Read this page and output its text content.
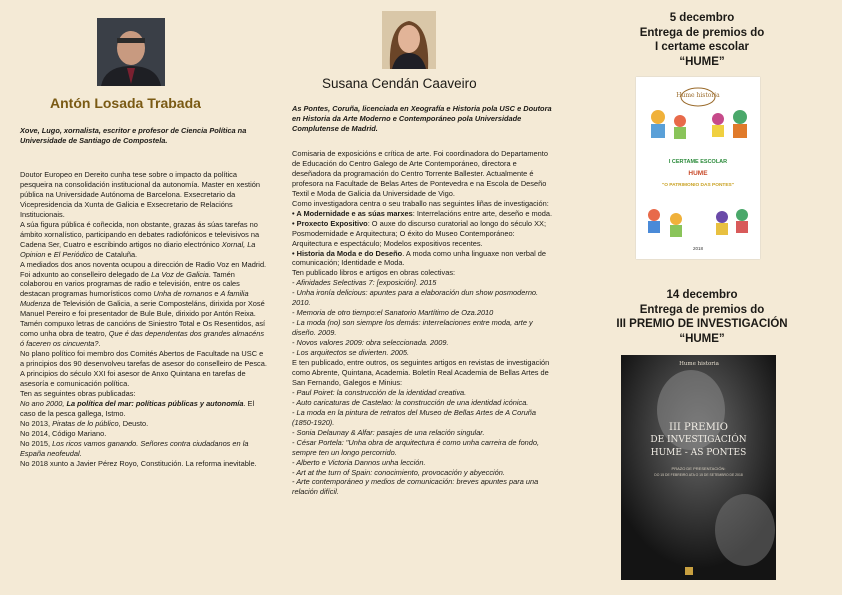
Antón Losada Trabada
Xove, Lugo, xornalista, escritor e profesor de Ciencia Política na Universidade de Santiago de Compostela.

Doutor Europeo en Dereito cunha tese sobre o impacto da política pesqueira na consolidación institucional da autonomía. Master en xestión pública na Universidade Autónoma de Barcelona. Exsecretario da Vicepresidencia da Xunta de Galicia e Exsecretario de Relacións Institucionais.

A súa figura pública é coñecida, non obstante, grazas ás súas tarefas no ámbito xornalístico, participando en debates radiofónicos e televisivos na Cadena Ser, Cuatro e escribindo artigos no diario electrónico Xornal, La Opinion e El Periódico de Cataluña.

A mediados dos anos noventa ocupou a dirección de Radio Voz en Madrid. Foi adxunto ao conselleiro delegado de La Voz de Galicia. Tamén colaborou en varios programas de radio e televisión, entre os cales destacan programas humorísticos como Unha de romanos e A familia Mudenza de Televisión de Galicia, a serie Composteláns, dirixida por Xosé Manuel Pereiro e foi presentador de Bule Bule, dirixido por Antón Reixa.

Tamén compuxo letras de cancións de Siniestro Total e Os Resentidos, así como unha obra de teatro, Que é das dependentas dos grandes almacéns ó faceren os cincuenta?.

No plano político foi membro dos Comités Abertos de Facultade na USC e a principios dos 90 desenvolveu tarefas de asesor do conselleiro de Pesca. A principios do século XXI foi asesor de Anxo Quintana en tarefas de asesoría e comunicación política.

Ten as seguintes obras publicadas:

No ano 2000, La política del mar: políticas públicas y autonomía. El caso de la pesca gallega, Istmo.

No 2013, Piratas de lo público, Deusto.

No 2014, Código Mariano.

No 2015, Los ricos vamos ganando. Señores contra ciudadanos en la España neofeudal.

No 2018 xunto a Javier Pérez Royo, Constitución. La reforma inevitable.

Susana Cendán Caaveiro
As Pontes, Coruña, licenciada en Xeografía e Historia pola USC e Doutora en Historia da Arte Moderno e Contemporáneo pola Universidade Complutense de Madrid.

Comisaria de exposicións e crítica de arte. Foi coordinadora do Departamento de Educación do Centro Galego de Arte Contemporáneo, directora e deseñadora da programación do Centro Torrente Ballester. Actualmente é profesora na Facultade de Belas Artes de Pontevedra e na Escola de Deseño Textil e Moda de Galicia da Universidade de Vigo.

Como investigadora centra o seu traballo nas seguintes liñas de investigación:

• A Modernidade e as súas marxes: Interrelacións entre arte, deseño e moda.

• Proxecto Expositivo: O auxe do discurso curatorial ao longo do século XX; Posmodernidade e Arquitectura; O éxito do Museo Contemporáneo: Arquitectura e espectáculo; Modelos expositivos recentes.

• Historia da Moda e do Deseño. A moda como unha linguaxe non verbal de comunicación; Identidade e Moda.

Ten publicado libros e artigos en obras colectivas:

- Afinidades Selectivas 7: [exposición]. 2015

- Unha ironía delicious: apuntes para a elaboración dun show posmoderno. 2010.

- Memoria de otro tiempo:el Sanatorio Martítimo de Oza.2010

- La moda (no) son siempre los demás: interrelaciones entre moda, arte y diseño. 2009.

- Novos valores 2009: obra seleccionada. 2009.

- Los arquitectos se divierten. 2005.

E ten publicado, entre outros, os seguintes artigos en revistas de investigación como Abrente, Quintana, Academia. Boletín Real Academia de Bellas Artes de San Fernando, Galegos e Minius:

- Paul Poiret: la construcción de la identidad creativa.

- Auto caricaturas de Castelao: la construcción de una identidad icónica.

- La moda en la pintura de retratos del Museo de Bellas Artes de A Coruña (1850-1920).

- Sonia Delaunay & Alfar: pasajes de una relación singular.

- César Portela: "Unha obra de arquitectura é como unha carreira de fondo, sempre ten un longo percorrido.

- Alberto e Victoria Dannos unha lección.

- Art at the turn of Spain: conocimiento, provocación y abyección.

- Arte contemporáneo y medios de comunicación: breves apuntes para una relación difícil.

5 decembro
Entrega de premios do
I certame escolar
“HUME”
Hume historia
I CERTAME ESCOLAR
HUME
"O PATRIMONIO DAS PONTES"
2018
14 decembro
Entrega de premios do
III PREMIO DE INVESTIGACIÓN
“HUME”
Hume historia
III PREMIO
DE INVESTIGACIÓN
HUME - AS PONTES
PRAZO DE PRESENTACIÓN:
DO 15 DE FEBREIRO ATA O 15 DE SETEMBRO DE 2018
